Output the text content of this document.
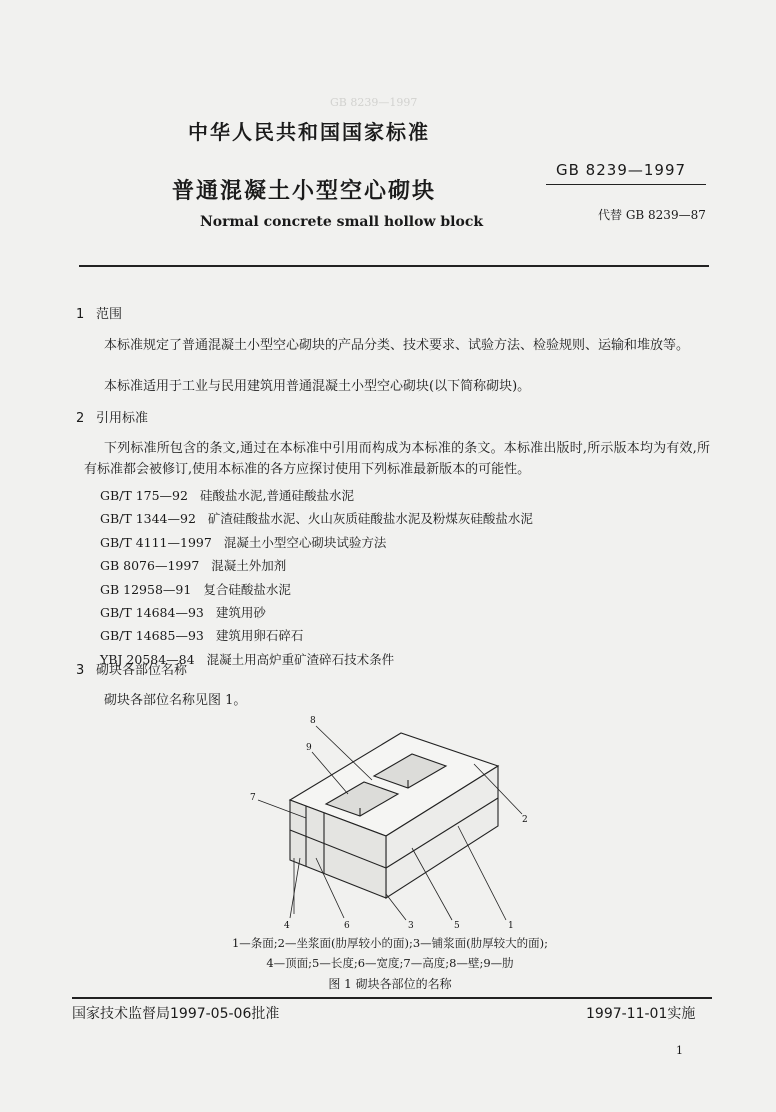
GB 8239—1997
中华人民共和国国家标准
GB 8239—1997
普通混凝土小型空心砌块
Normal concrete small hollow block	代替 GB 8239—87
1 范围
本标准规定了普通混凝土小型空心砌块的产品分类、技术要求、试验方法、检验规则、运输和堆放等。
本标准适用于工业与民用建筑用普通混凝土小型空心砌块(以下简称砌块)。
2 引用标准
下列标准所包含的条文,通过在本标准中引用而构成为本标准的条文。本标准出版时,所示版本均为有效,所有标准都会被修订,使用本标准的各方应探讨使用下列标准最新版本的可能性。
GB/T 175—92 硅酸盐水泥,普通硅酸盐水泥
GB/T 1344—92 矿渣硅酸盐水泥、火山灰质硅酸盐水泥及粉煤灰硅酸盐水泥
GB/T 4111—1997 混凝土小型空心砌块试验方法
GB 8076—1997 混凝土外加剂
GB 12958—91 复合硅酸盐水泥
GB/T 14684—93 建筑用砂
GB/T 14685—93 建筑用卵石碎石
YBJ 20584—84 混凝土用高炉重矿渣碎石技术条件
3 砌块各部位名称
砌块各部位名称见图 1。
8
9
7
2
4	6	3	5	1
1—条面;2—坐浆面(肋厚较小的面);3—铺浆面(肋厚较大的面);
4—顶面;5—长度;6—宽度;7—高度;8—壁;9—肋
图 1 砌块各部位的名称
国家技术监督局1997-05-06批准	1997-11-01实施
1
